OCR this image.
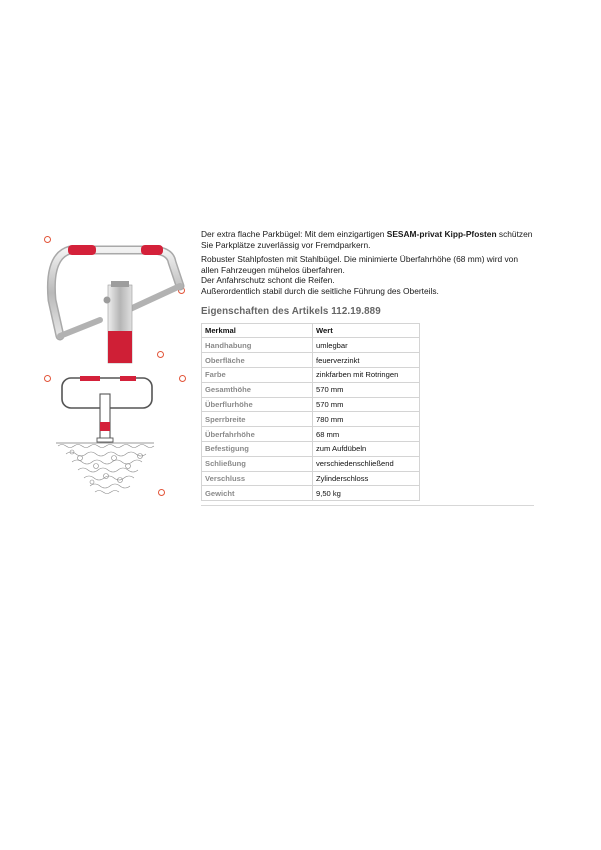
Der extra flache Parkbügel: Mit dem einzigartigen SESAM-privat Kipp-Pfosten schützen Sie Parkplätze zuverlässig vor Fremdparkern.

Robuster Stahlpfosten mit Stahlbügel. Die minimierte Überfahrhöhe (68 mm) wird von allen Fahrzeugen mühelos überfahren.
Der Anfahrschutz schont die Reifen.
Außerordentlich stabil durch die seitliche Führung des Oberteils.

Eigenschaften des Artikels 112.19.889
Merkmal	Wert
Handhabung	umlegbar
Oberfläche	feuerverzinkt
Farbe	zinkfarben mit Rotringen
Gesamthöhe	570 mm
Überflurhöhe	570 mm
Sperrbreite	780 mm
Überfahrhöhe	68 mm
Befestigung	zum Aufdübeln
Schließung	verschiedenschließend
Verschluss	Zylinderschloss
Gewicht	9,50 kg
